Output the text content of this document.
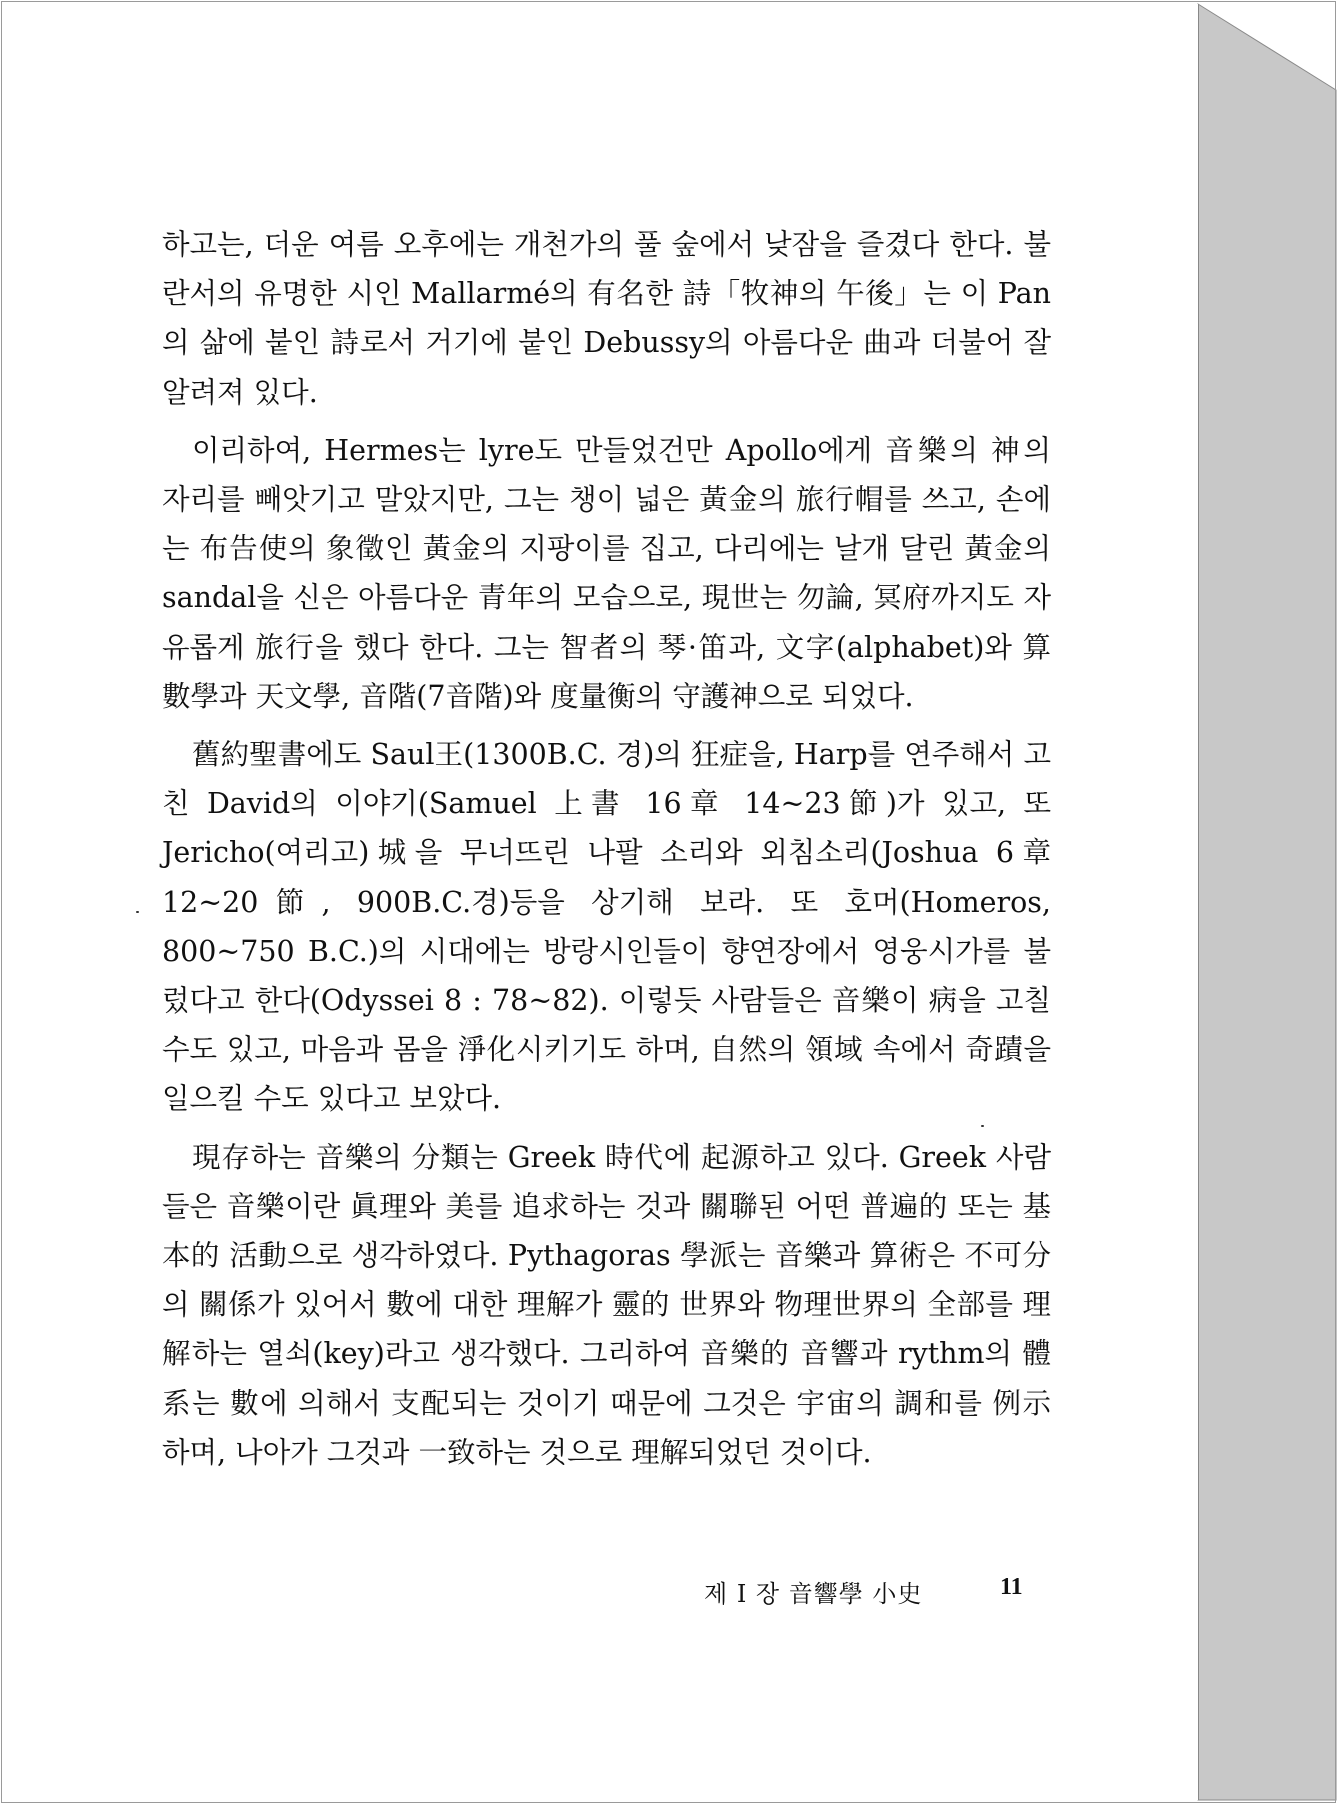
하고는, 더운 여름 오후에는 개천가의 풀 숲에서 낮잠을 즐겼다 한다. 불란서의 유명한 시인 Mallarmé의 有名한 詩「牧神의 午後」는 이 Pan의 삶에 붙인 詩로서 거기에 붙인 Debussy의 아름다운 曲과 더불어 잘 알려져 있다.

이리하여, Hermes는 lyre도 만들었건만 Apollo에게 音樂의 神의 자리를 빼앗기고 말았지만, 그는 챙이 넓은 黃金의 旅行帽를 쓰고, 손에는 布告使의 象徵인 黃金의 지팡이를 집고, 다리에는 날개 달린 黃金의 sandal을 신은 아름다운 青年의 모습으로, 現世는 勿論, 冥府까지도 자유롭게 旅行을 했다 한다. 그는 智者의 琴·笛과, 文字(alphabet)와 算數學과 天文學, 音階(7音階)와 度量衡의 守護神으로 되었다.

舊約聖書에도 Saul王(1300B.C. 경)의 狂症을, Harp를 연주해서 고친 David의 이야기(Samuel 上書 16章 14~23節)가 있고, 또 Jericho(여리고)城을 무너뜨린 나팔 소리와 외침소리(Joshua 6章 12~20節, 900B.C.경)등을 상기해 보라. 또 호머(Homeros, 800~750 B.C.)의 시대에는 방랑시인들이 향연장에서 영웅시가를 불렀다고 한다(Odyssei 8 : 78~82). 이렇듯 사람들은 音樂이 病을 고칠 수도 있고, 마음과 몸을 淨化시키기도 하며, 自然의 領域 속에서 奇蹟을 일으킬 수도 있다고 보았다.

現存하는 音樂의 分類는 Greek 時代에 起源하고 있다. Greek 사람들은 音樂이란 眞理와 美를 追求하는 것과 關聯된 어떤 普遍的 또는 基本的 活動으로 생각하였다. Pythagoras 學派는 音樂과 算術은 不可分의 關係가 있어서 數에 대한 理解가 靈的 世界와 物理世界의 全部를 理解하는 열쇠(key)라고 생각했다. 그리하여 音樂的 音響과 rythm의 體系는 數에 의해서 支配되는 것이기 때문에 그것은 宇宙의 調和를 例示하며, 나아가 그것과 一致하는 것으로 理解되었던 것이다.

제 I 장 音響學 小史	11
